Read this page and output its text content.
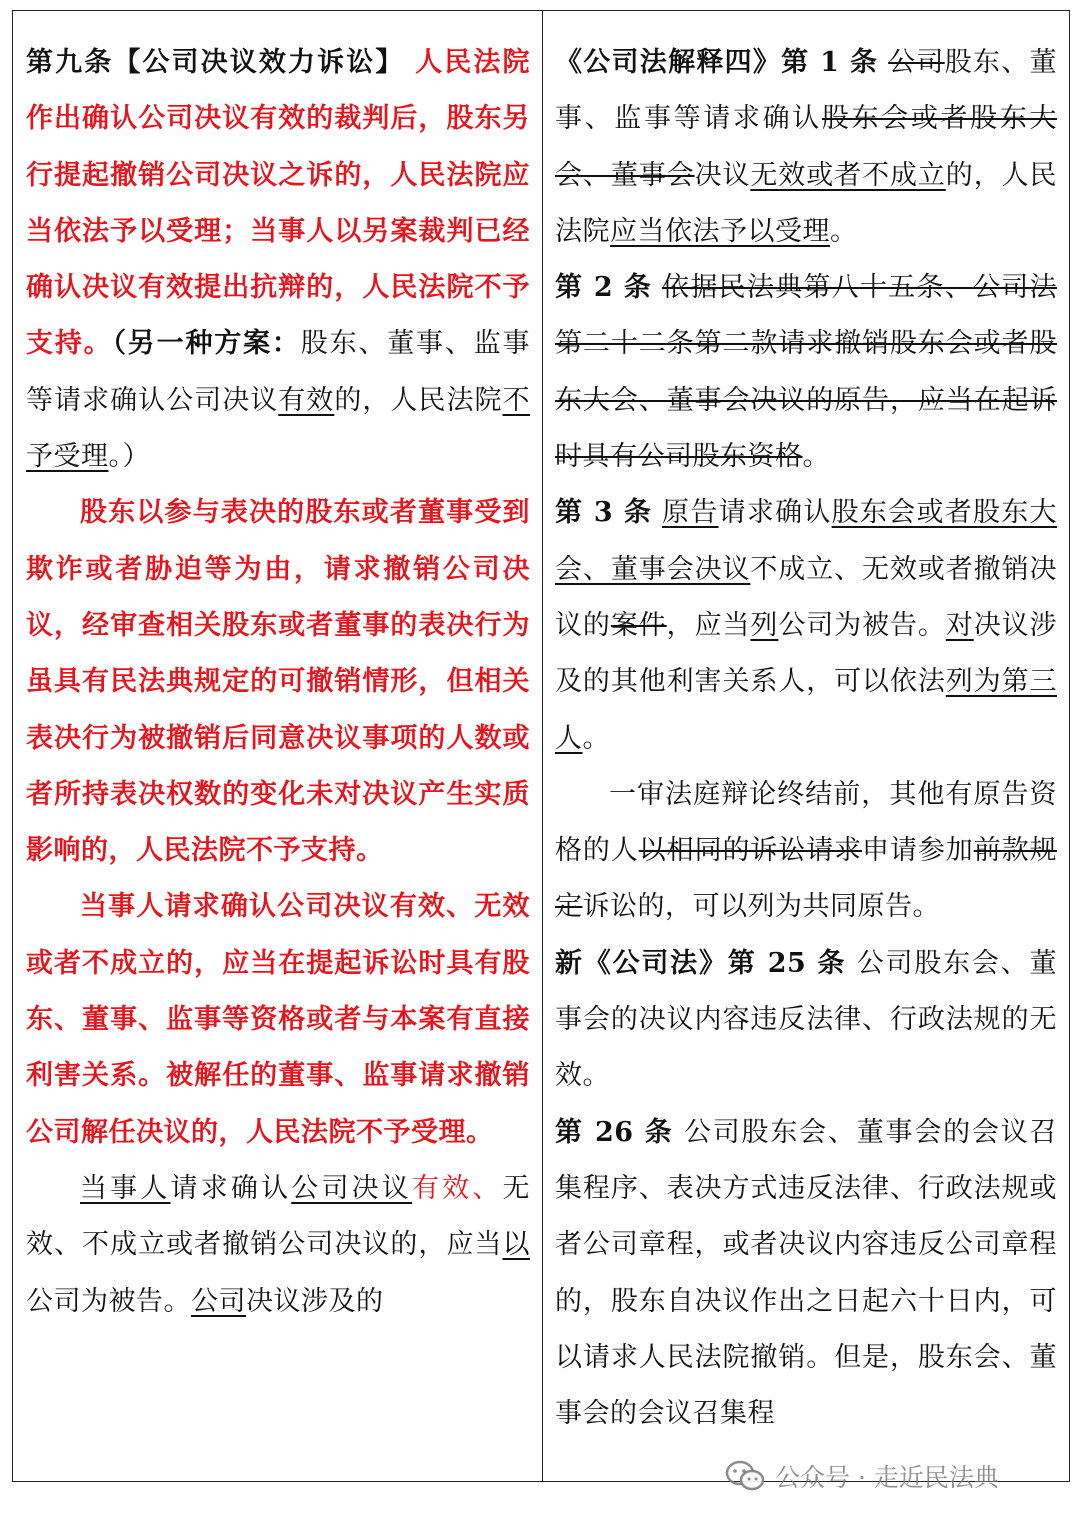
第九条【公司决议效力诉讼】 人民法院作出确认公司决议有效的裁判后，股东另行提起撤销公司决议之诉的，人民法院应当依法予以受理；当事人以另案裁判已经确认决议有效提出抗辩的，人民法院不予支持。（另一种方案：股东、董事、监事等请求确认公司决议有效的，人民法院不予受理。）

股东以参与表决的股东或者董事受到欺诈或者胁迫等为由，请求撤销公司决议，经审查相关股东或者董事的表决行为虽具有民法典规定的可撤销情形，但相关表决行为被撤销后同意决议事项的人数或者所持表决权数的变化未对决议产生实质影响的，人民法院不予支持。

当事人请求确认公司决议有效、无效或者不成立的，应当在提起诉讼时具有股东、董事、监事等资格或者与本案有直接利害关系。被解任的董事、监事请求撤销公司解任决议的，人民法院不予受理。

当事人请求确认公司决议有效、无效、不成立或者撤销公司决议的，应当以公司为被告。公司决议涉及的

《公司法解释四》第 1 条 公司股东、董事、监事等请求确认股东会或者股东大会、董事会决议无效或者不成立的，人民法院应当依法予以受理。

第 2 条 依据民法典第八十五条、公司法第二十二条第二款请求撤销股东会或者股东大会、董事会决议的原告，应当在起诉时具有公司股东资格。

第 3 条 原告请求确认股东会或者股东大会、董事会决议不成立、无效或者撤销决议的案件，应当列公司为被告。对决议涉及的其他利害关系人，可以依法列为第三人。

一审法庭辩论终结前，其他有原告资格的人以相同的诉讼请求申请参加前款规定诉讼的，可以列为共同原告。

新《公司法》第 25 条 公司股东会、董事会的决议内容违反法律、行政法规的无效。

第 26 条 公司股东会、董事会的会议召集程序、表决方式违反法律、行政法规或者公司章程，或者决议内容违反公司章程的，股东自决议作出之日起六十日内，可以请求人民法院撤销。但是，股东会、董事会的会议召集程

公众号 · 走近民法典
